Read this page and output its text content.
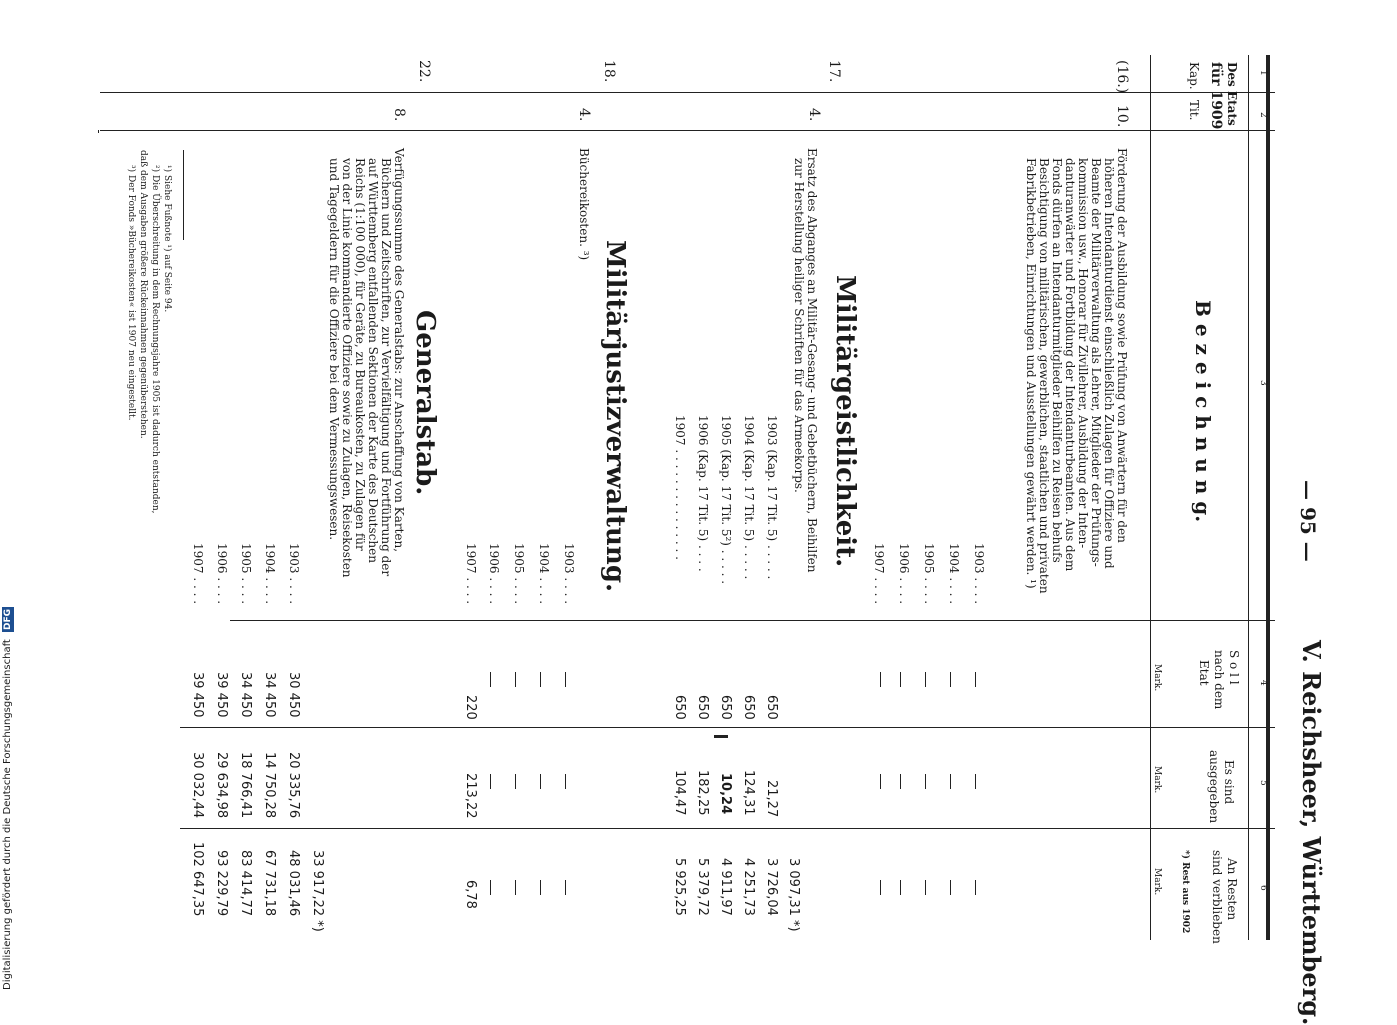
V. Reichsheer, Württemberg.
— 95 —
1
2
3
4
5
6
Des Etats
für 1909
Kap.
Tit.
B e z e i c h n u n g.
S o l l
nach dem
Etat
Mark.
Es sind
ausgegeben
Mark.
An Resten
sind verblieben
*) Rest aus 1902
Mark.
(16.)
10.
Förderung der Ausbildung sowie Prüfung von Anwärtern für den
höheren Intendanturdienst einschließlich Zulagen für Offiziere und
Beamte der Militärverwaltung als Lehrer, Mitglieder der Prüfungs-
kommission usw., Honorar für Zivillehrer, Ausbildung der Inten-
danturanwärter und Fortbildung der Intendanturbeamten. Aus dem
Fonds dürfen an Intendanturmitglieder Beihilfen zu Reisen behufs
Besichtigung von militärischen, gewerblichen, staatlichen und privaten
Fabrikbetrieben, Einrichtungen und Ausstellungen gewährt werden. ¹)
1903 . . . .
1904 . . . .
1905 . . . .
1906 . . . .
1907 . . . .
17.
Militärgeistlichkeit.
4.
Ersatz des Abganges an Militär-Gesang- und Gebetbüchern, Beihilfen
zur Herstellung heiliger Schriften für das Armeekorps.
1903 (Kap. 17 Tit. 5) . . . . .
1904 (Kap. 17 Tit. 5) . . . . .
1905 (Kap. 17 Tit. 5²) . . . . .
1906 (Kap. 17 Tit. 5) . . . .
1907 . . . . . . . . . . . . . . .
650
650
650
650
650
21,27
124,31
10,24
182,25
104,47
3 097,31 *)
3 726,04
4 251,73
4 911,97
5 379,72
5 925,25
18.
Militärjustizverwaltung.
4.
Büchereikosten. ³)
1903 . . . .
1904 . . . .
1905 . . . .
1906 . . . .
1907 . . . .
220
213,22
6,78
22.
Generalstab.
8.
Verfügungssumme des Generalstabs: zur Anschaffung von Karten,
Büchern und Zeitschriften, zur Vervielfältigung und Fortführung der
auf Württemberg entfallenden Sektionen der Karte des Deutschen
Reichs (1:100 000), für Geräte, zu Bureaukosten, zu Zulagen für
von der Linie kommandierte Offiziere sowie zu Zulagen, Reisekosten
und Tagegeldern für die Offiziere bei dem Vermessungswesen.
1903 . . . .
1904 . . . .
1905 . . . .
1906 . . . .
1907 . . . .
30 450
34 450
34 450
39 450
39 450
20 335,76
14 750,28
18 766,41
29 634,98
30 032,44
33 917,22 *)
48 031,46
67 731,18
83 414,77
93 229,79
102 647,35
¹) Siehe Fußnote ¹) auf Seite 94.
²) Die Überschreitung in dem Rechnungsjahre 1905 ist dadurch entstanden,
daß dem Ausgaben größere Rückeinnahmen gegenüberstehen.
³) Der Fonds »Büchereikosten« ist 1907 neu eingestellt.
Digitalisierung gefördert durch die Deutsche Forschungsgemeinschaft DFG
